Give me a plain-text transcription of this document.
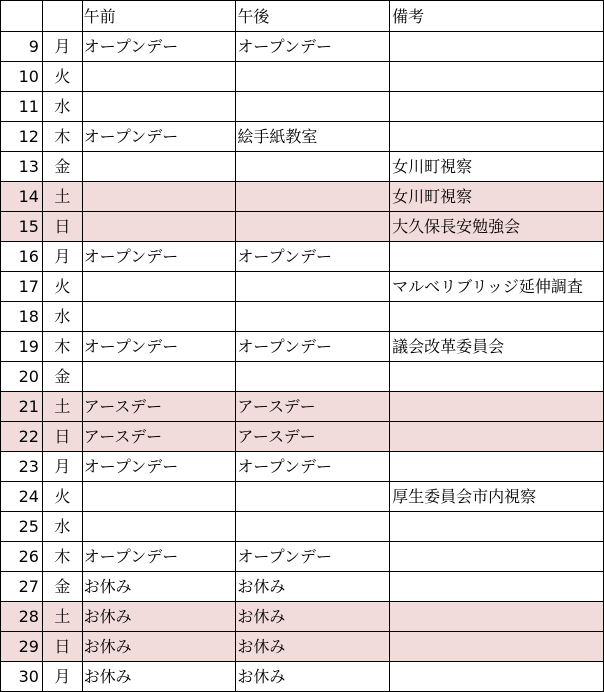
		午前	午後	備考
9	月	オープンデー	オープンデー	
10	火			
11	水			
12	木	オープンデー	絵手紙教室	
13	金			女川町視察
14	土			女川町視察
15	日			大久保長安勉強会
16	月	オープンデー	オープンデー	
17	火			マルベリブリッジ延伸調査
18	水			
19	木	オープンデー	オープンデー	議会改革委員会
20	金			
21	土	アースデー	アースデー	
22	日	アースデー	アースデー	
23	月	オープンデー	オープンデー	
24	火			厚生委員会市内視察
25	水			
26	木	オープンデー	オープンデー	
27	金	お休み	お休み	
28	土	お休み	お休み	
29	日	お休み	お休み	
30	月	お休み	お休み	
